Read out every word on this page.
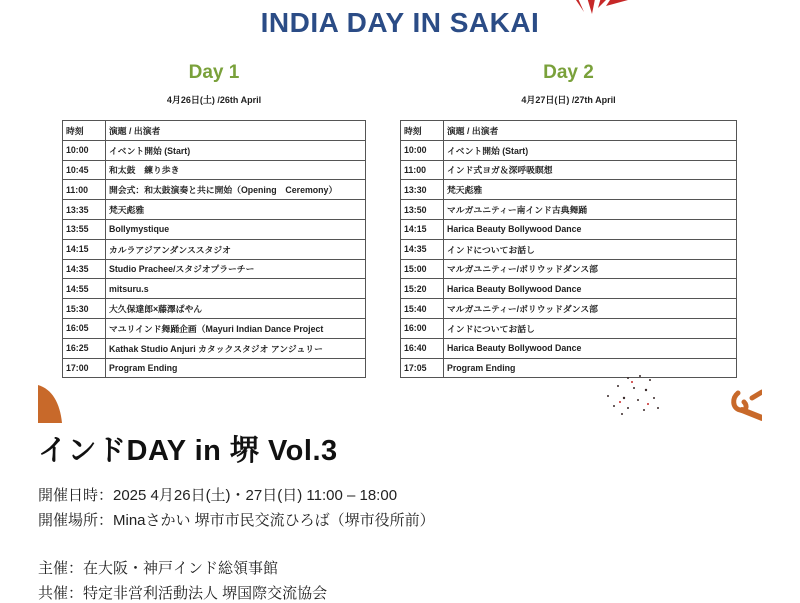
INDIA DAY IN SAKAI
Day 1
4月26日(土) /26th April
Day 2
4月27日(日) /27th April
時刻	演題 / 出演者
10:00	イベント開始 (Start)
10:45	和太鼓　練り歩き
11:00	開会式：和太鼓演奏と共に開始（Opening　Ceremony）
13:35	梵天彪雅
13:55	Bollymystique
14:15	カルラアジアンダンススタジオ
14:35	Studio Prachee/スタジオプラーチー
14:55	mitsuru.s
15:30	大久保達郎×藤澤ぱやん
16:05	マユリインド舞踊企画（Mayuri Indian Dance Project
16:25	Kathak Studio Anjuri カタックスタジオ アンジュリー
17:00	Program Ending
時刻	演題 / 出演者
10:00	イベント開始 (Start)
11:00	インド式ヨガ＆深呼吸瞑想
13:30	梵天彪雅
13:50	マルガユニティー南インド古典舞踊
14:15	Harica Beauty Bollywood Dance
14:35	インドについてお話し
15:00	マルガユニティー/ボリウッドダンス部
15:20	Harica Beauty Bollywood Dance
15:40	マルガユニティー/ボリウッドダンス部
16:00	インドについてお話し
16:40	Harica Beauty Bollywood Dance
17:05	Program Ending
インドDAY in 堺 Vol.3
開催日時：2025 4月26日(土)・27日(日) 11:00 – 18:00
開催場所：Minaさかい 堺市市民交流ひろば（堺市役所前）
主催：在大阪・神戸インド総領事館
共催：特定非営利活動法人 堺国際交流協会
